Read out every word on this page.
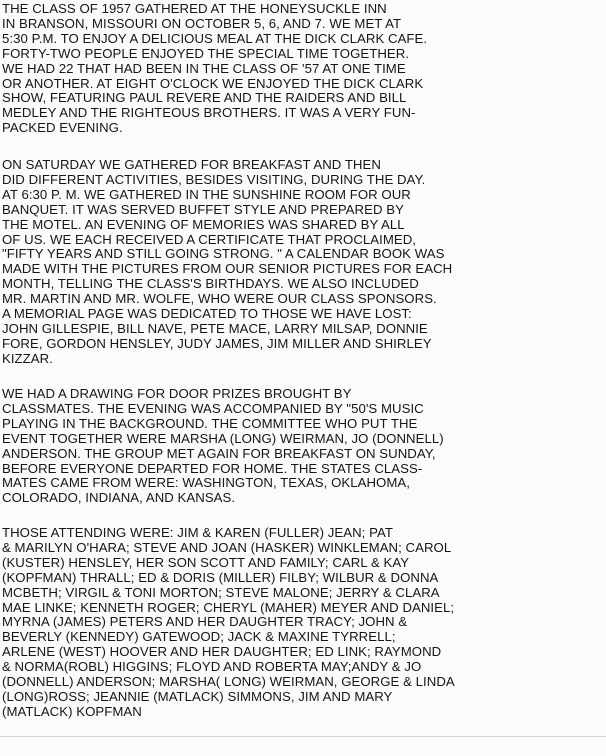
THE CLASS OF 1957 GATHERED AT THE HONEYSUCKLE INN
IN BRANSON, MISSOURI ON OCTOBER 5, 6, AND 7. WE MET AT
5:30 P.M. TO ENJOY A DELICIOUS MEAL AT THE DICK CLARK CAFE.
FORTY-TWO PEOPLE ENJOYED THE SPECIAL TIME TOGETHER.
WE HAD 22 THAT HAD BEEN IN THE CLASS OF '57 AT ONE TIME
OR ANOTHER. AT EIGHT O'CLOCK WE ENJOYED THE DICK CLARK
SHOW, FEATURING PAUL REVERE AND THE RAIDERS AND BILL
MEDLEY AND THE RIGHTEOUS BROTHERS. IT WAS A VERY FUN-
PACKED EVENING.
ON SATURDAY WE GATHERED FOR BREAKFAST AND THEN
DID DIFFERENT ACTIVITIES, BESIDES VISITING, DURING THE DAY.
AT 6:30 P. M. WE GATHERED IN THE SUNSHINE ROOM FOR OUR
BANQUET. IT WAS SERVED BUFFET STYLE AND PREPARED BY
THE MOTEL. AN EVENING OF MEMORIES WAS SHARED BY ALL
OF US. WE EACH RECEIVED A CERTIFICATE THAT PROCLAIMED,
"FIFTY YEARS AND STILL GOING STRONG. " A CALENDAR BOOK WAS
MADE WITH THE PICTURES FROM OUR SENIOR PICTURES FOR EACH
MONTH, TELLING THE CLASS'S BIRTHDAYS. WE ALSO INCLUDED
MR. MARTIN AND MR. WOLFE, WHO WERE OUR CLASS SPONSORS.
A MEMORIAL PAGE WAS DEDICATED TO THOSE WE HAVE LOST:
JOHN GILLESPIE, BILL NAVE, PETE MACE, LARRY MILSAP, DONNIE
FORE, GORDON HENSLEY, JUDY JAMES, JIM MILLER AND SHIRLEY
KIZZAR.
WE HAD A DRAWING FOR DOOR PRIZES BROUGHT BY
CLASSMATES. THE EVENING WAS ACCOMPANIED BY "50'S MUSIC
PLAYING IN THE BACKGROUND. THE COMMITTEE WHO PUT THE
EVENT TOGETHER WERE MARSHA (LONG) WEIRMAN, JO (DONNELL)
ANDERSON. THE GROUP MET AGAIN FOR BREAKFAST ON SUNDAY,
BEFORE EVERYONE DEPARTED FOR HOME. THE STATES CLASS-
MATES CAME FROM WERE: WASHINGTON, TEXAS, OKLAHOMA,
COLORADO, INDIANA, AND KANSAS.
THOSE ATTENDING WERE: JIM & KAREN (FULLER) JEAN; PAT
& MARILYN O'HARA; STEVE AND JOAN (HASKER) WINKLEMAN; CAROL
(KUSTER) HENSLEY, HER SON SCOTT AND FAMILY; CARL & KAY
(KOPFMAN) THRALL; ED & DORIS (MILLER) FILBY; WILBUR & DONNA
MCBETH; VIRGIL & TONI MORTON; STEVE MALONE; JERRY & CLARA
MAE LINKE; KENNETH ROGER; CHERYL (MAHER) MEYER AND DANIEL;
MYRNA (JAMES) PETERS AND HER DAUGHTER TRACY; JOHN &
BEVERLY (KENNEDY) GATEWOOD; JACK & MAXINE TYRRELL;
ARLENE (WEST) HOOVER AND HER DAUGHTER; ED LINK; RAYMOND
& NORMA(ROBL) HIGGINS; FLOYD AND ROBERTA MAY;ANDY & JO
(DONNELL) ANDERSON; MARSHA( LONG) WEIRMAN, GEORGE & LINDA
(LONG)ROSS; JEANNIE (MATLACK) SIMMONS, JIM AND MARY
(MATLACK) KOPFMAN
